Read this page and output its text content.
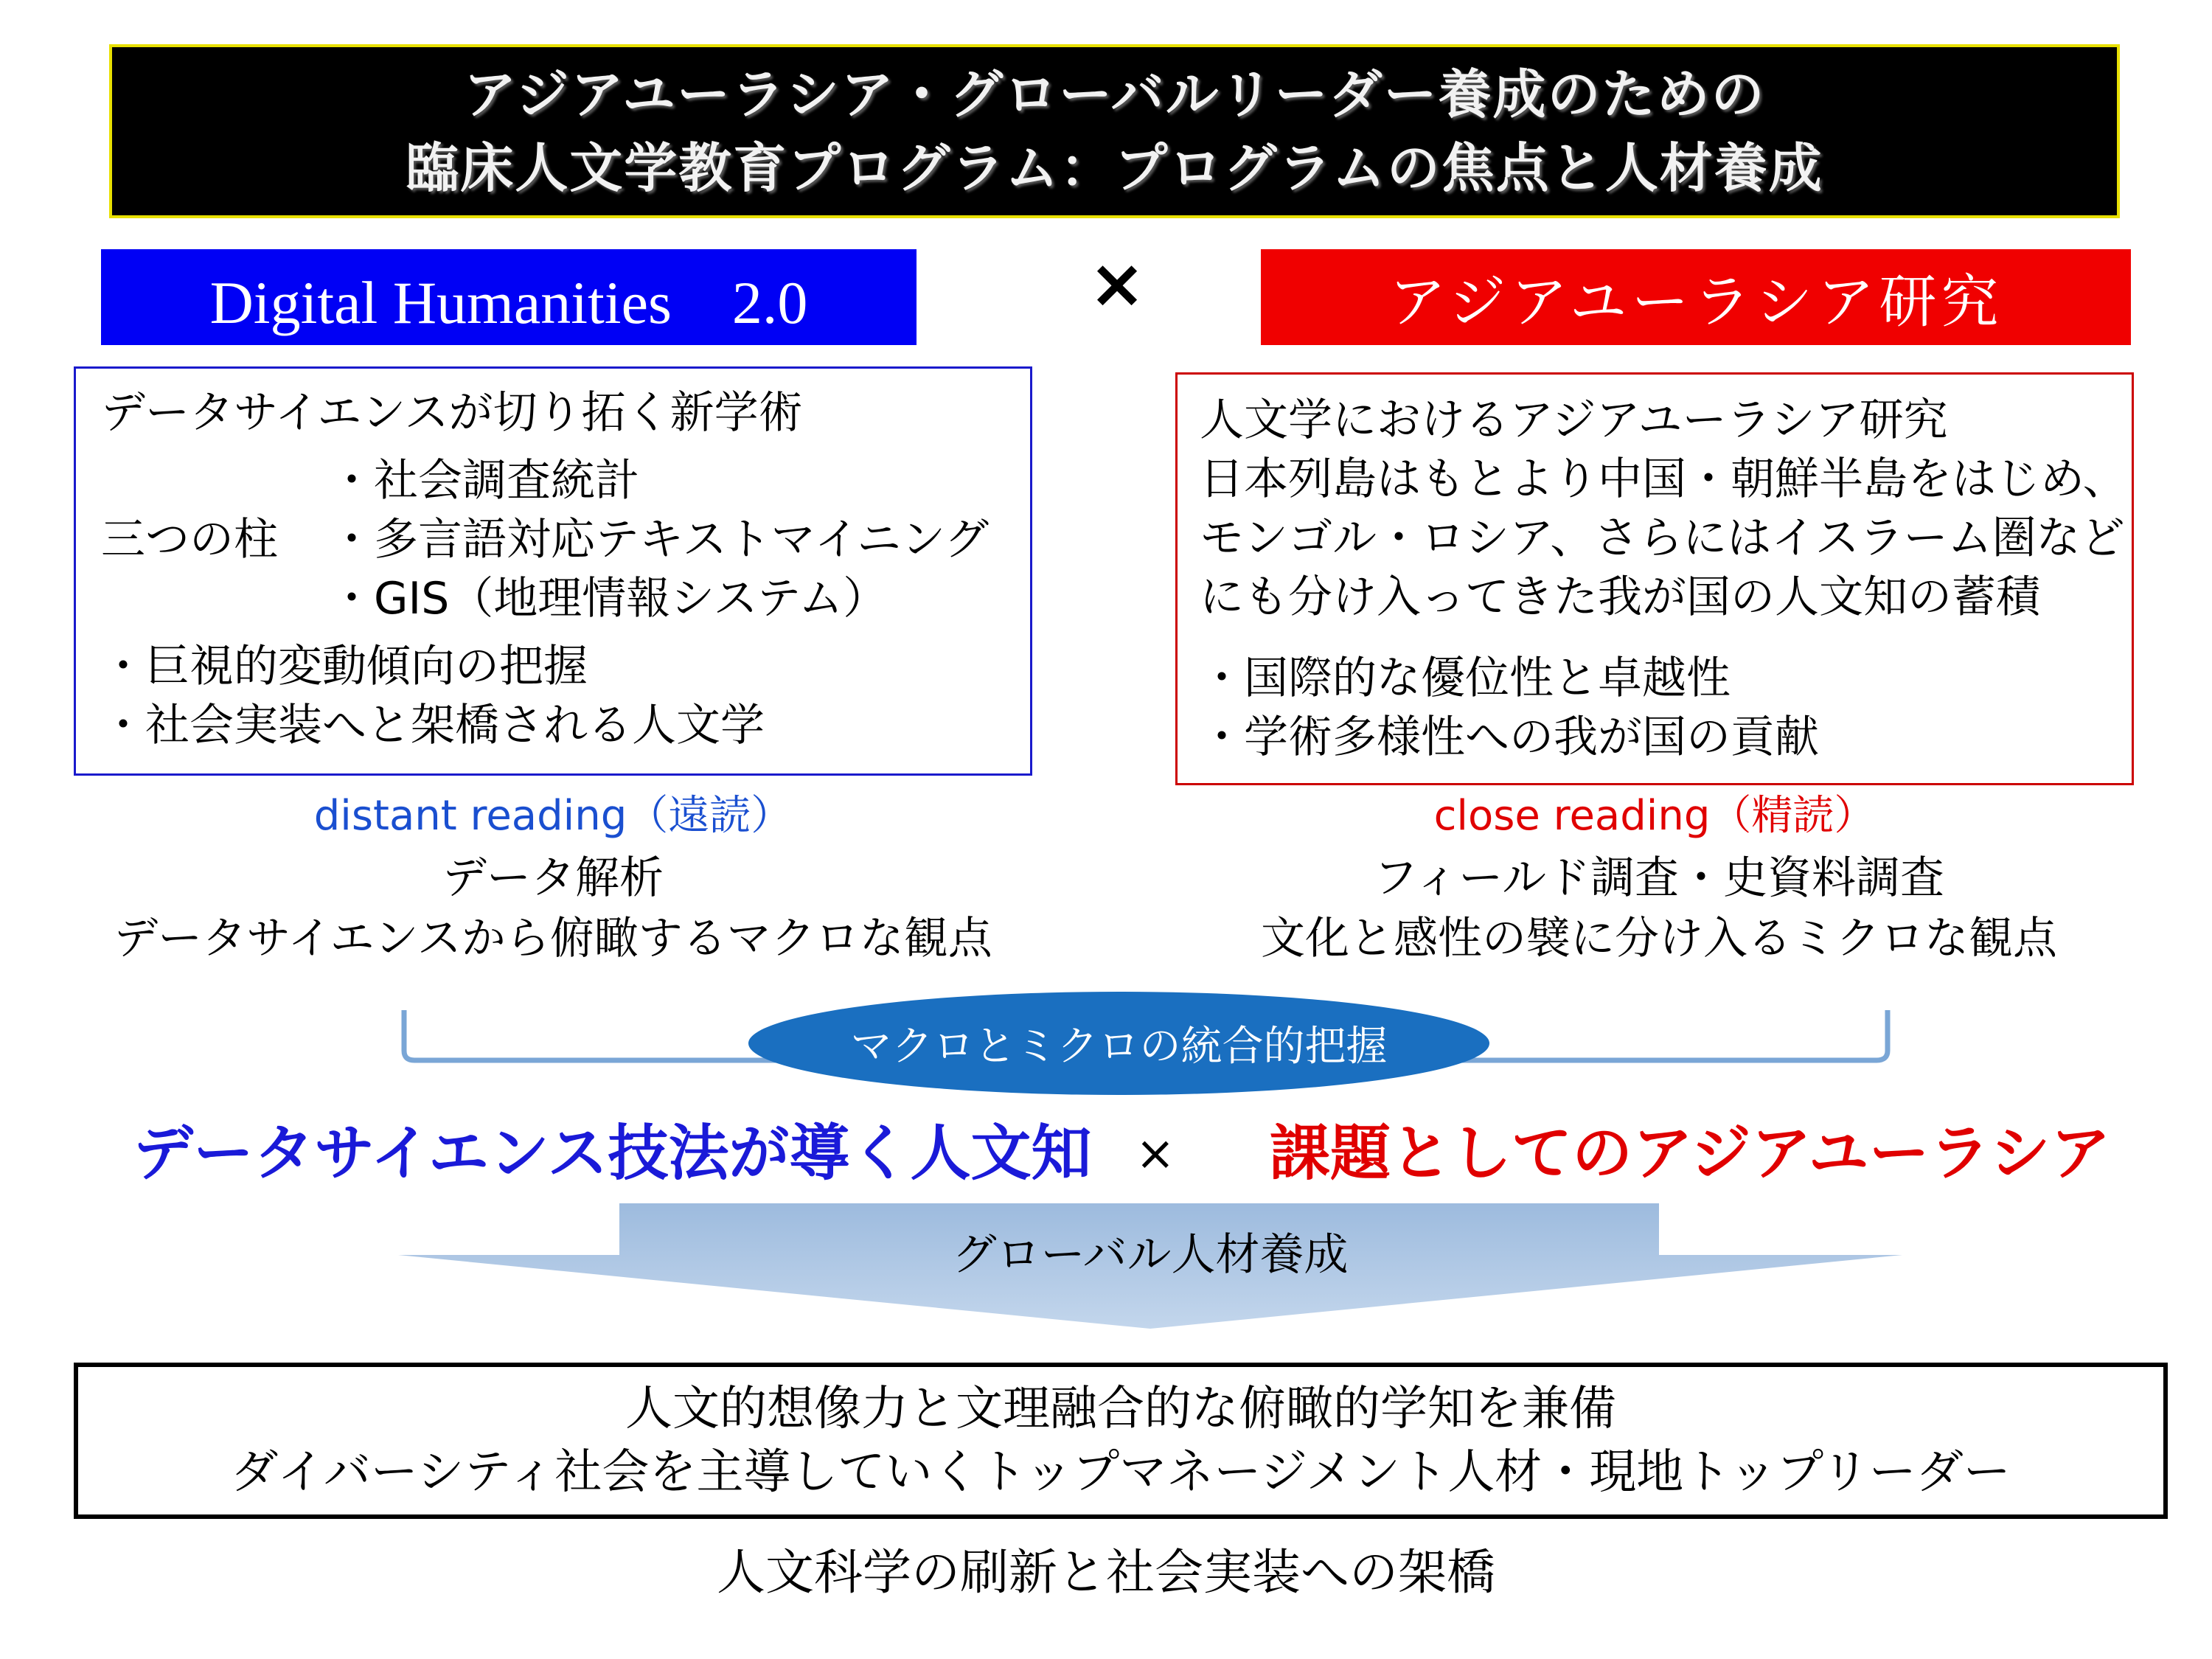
アジアユーラシア・グローバルリーダー養成のための
臨床人文学教育プログラム：プログラムの焦点と人材養成
Digital Humanities　2.0	×	アジアユーラシア研究
データサイエンスが切り拓く新学術
三つの柱
・社会調査統計
・多言語対応テキストマイニング
・GIS（地理情報システム）
・巨視的変動傾向の把握
・社会実装へと架橋される人文学
人文学におけるアジアユーラシア研究
日本列島はもとより中国・朝鮮半島をはじめ、
モンゴル・ロシア、さらにはイスラーム圏など
にも分け入ってきた我が国の人文知の蓄積
・国際的な優位性と卓越性
・学術多様性への我が国の貢献
distant reading（遠読）	close reading（精読）
データ解析
データサイエンスから俯瞰するマクロな観点
フィールド調査・史資料調査
文化と感性の襞に分け入るミクロな観点
マクロとミクロの統合的把握
データサイエンス技法が導く人文知 × 課題としてのアジアユーラシア
グローバル人材養成
人文的想像力と文理融合的な俯瞰的学知を兼備
ダイバーシティ社会を主導していくトップマネージメント人材・現地トップリーダー
人文科学の刷新と社会実装への架橋
